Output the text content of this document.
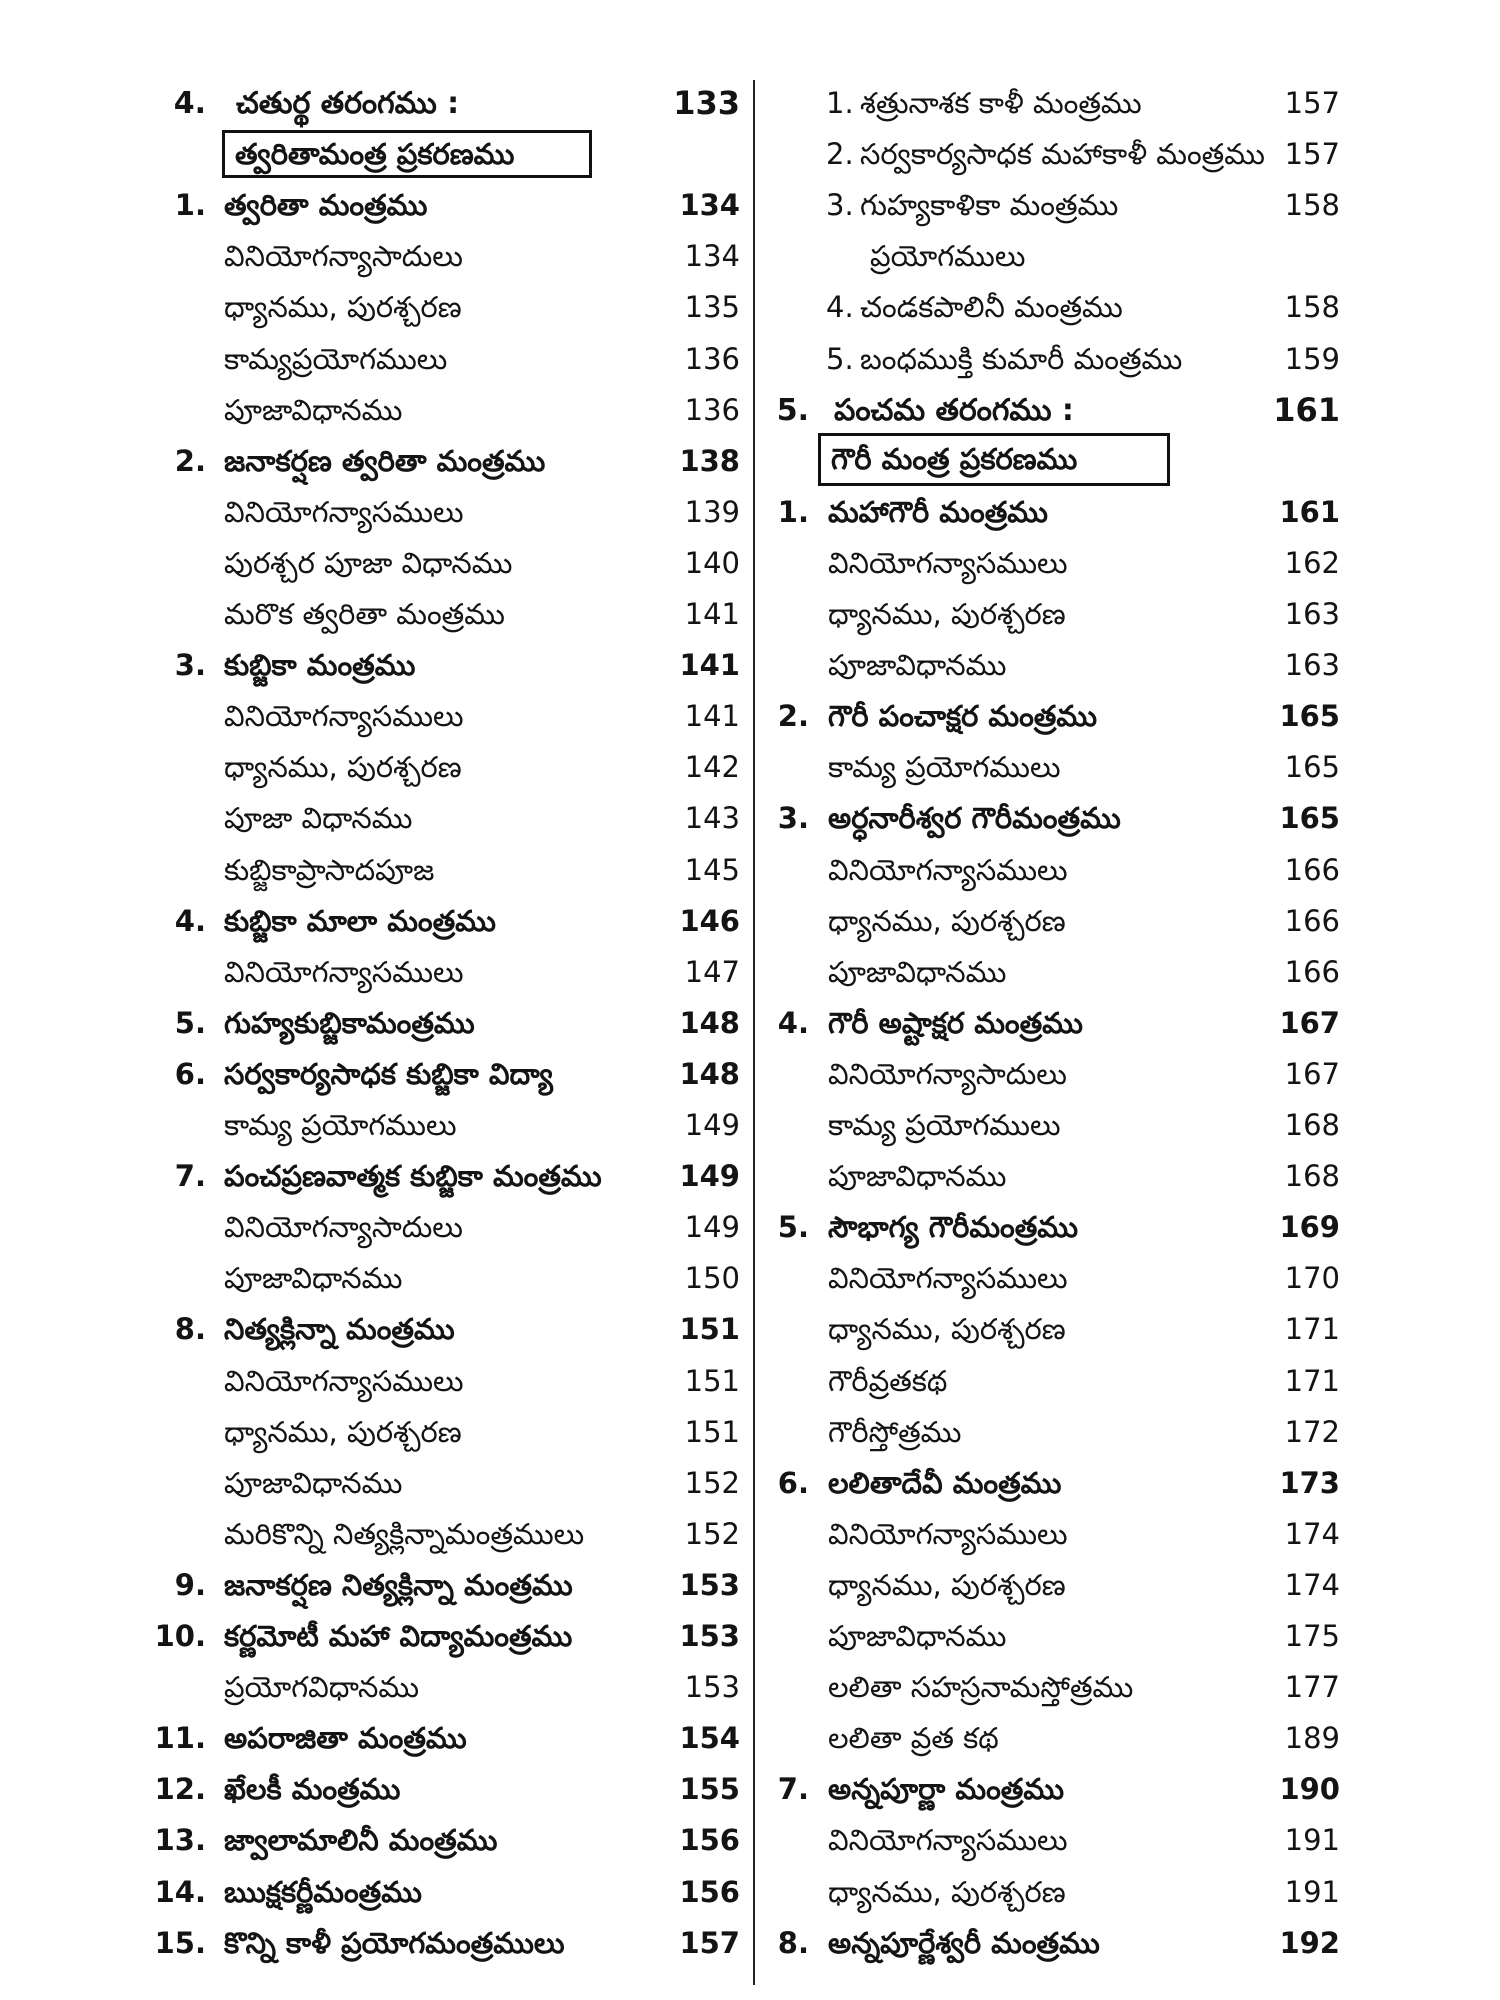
4. చతుర్థ తరంగము :	133
త్వరితామంత్ర ప్రకరణము
1. త్వరితా మంత్రము	134
వినియోగన్యాసాదులు	134
ధ్యానము, పురశ్చరణ	135
కామ్యప్రయోగములు	136
పూజావిధానము	136
2. జనాకర్షణ త్వరితా మంత్రము	138
వినియోగన్యాసములు	139
పురశ్చర పూజా విధానము	140
మరొక త్వరితా మంత్రము	141
3. కుబ్జికా మంత్రము	141
వినియోగన్యాసములు	141
ధ్యానము, పురశ్చరణ	142
పూజా విధానము	143
కుబ్జికాప్రాసాదపూజ	145
4. కుబ్జికా మాలా మంత్రము	146
వినియోగన్యాసములు	147
5. గుహ్యకుబ్జికామంత్రము	148
6. సర్వకార్యసాధక కుబ్జికా విద్యా	148
కామ్య ప్రయోగములు	149
7. పంచప్రణవాత్మక కుబ్జికా మంత్రము	149
వినియోగన్యాసాదులు	149
పూజావిధానము	150
8. నిత్యక్లిన్నా మంత్రము	151
వినియోగన్యాసములు	151
ధ్యానము, పురశ్చరణ	151
పూజావిధానము	152
మరికొన్ని నిత్యక్లిన్నామంత్రములు	152
9. జనాకర్షణ నిత్యక్లిన్నా మంత్రము	153
10. కర్ణమోటీ మహా విద్యామంత్రము	153
ప్రయోగవిధానము	153
11. అపరాజితా మంత్రము	154
12. ఖేలకీ మంత్రము	155
13. జ్వాలామాలినీ మంత్రము	156
14. ఋక్షకర్ణీమంత్రము	156
15. కొన్ని కాళీ ప్రయోగమంత్రములు	157
1. శత్రునాశక కాళీ మంత్రము	157
2. సర్వకార్యసాధక మహాకాళీ మంత్రము 157
3. గుహ్యకాళికా మంత్రము	158
ప్రయోగములు
4. చండకపాలినీ మంత్రము	158
5. బంధముక్తి కుమారీ మంత్రము	159
5. పంచమ తరంగము :	161
1. మహాగౌరీ మంత్రము	161
వినియోగన్యాసములు	162
ధ్యానము, పురశ్చరణ	163
పూజావిధానము	163
2. గౌరీ పంచాక్షర మంత్రము	165
కామ్య ప్రయోగములు	165
3. అర్ధనారీశ్వర గౌరీమంత్రము	165
వినియోగన్యాసములు	166
ధ్యానము, పురశ్చరణ	166
పూజావిధానము	166
4. గౌరీ అష్టాక్షర మంత్రము	167
వినియోగన్యాసాదులు	167
కామ్య ప్రయోగములు	168
పూజావిధానము	168
5. సౌభాగ్య గౌరీమంత్రము	169
వినియోగన్యాసములు	170
ధ్యానము, పురశ్చరణ	171
గౌరీవ్రతకథ	171
గౌరీస్తోత్రము	172
6. లలితాదేవీ మంత్రము	173
వినియోగన్యాసములు	174
ధ్యానము, పురశ్చరణ	174
పూజావిధానము	175
లలితా సహస్రనామస్తోత్రము	177
లలితా వ్రత కథ	189
7. అన్నపూర్ణా మంత్రము	190
వినియోగన్యాసములు	191
ధ్యానము, పురశ్చరణ	191
8. అన్నపూర్ణేశ్వరీ మంత్రము	192
గౌరీ మంత్ర ప్రకరణము
